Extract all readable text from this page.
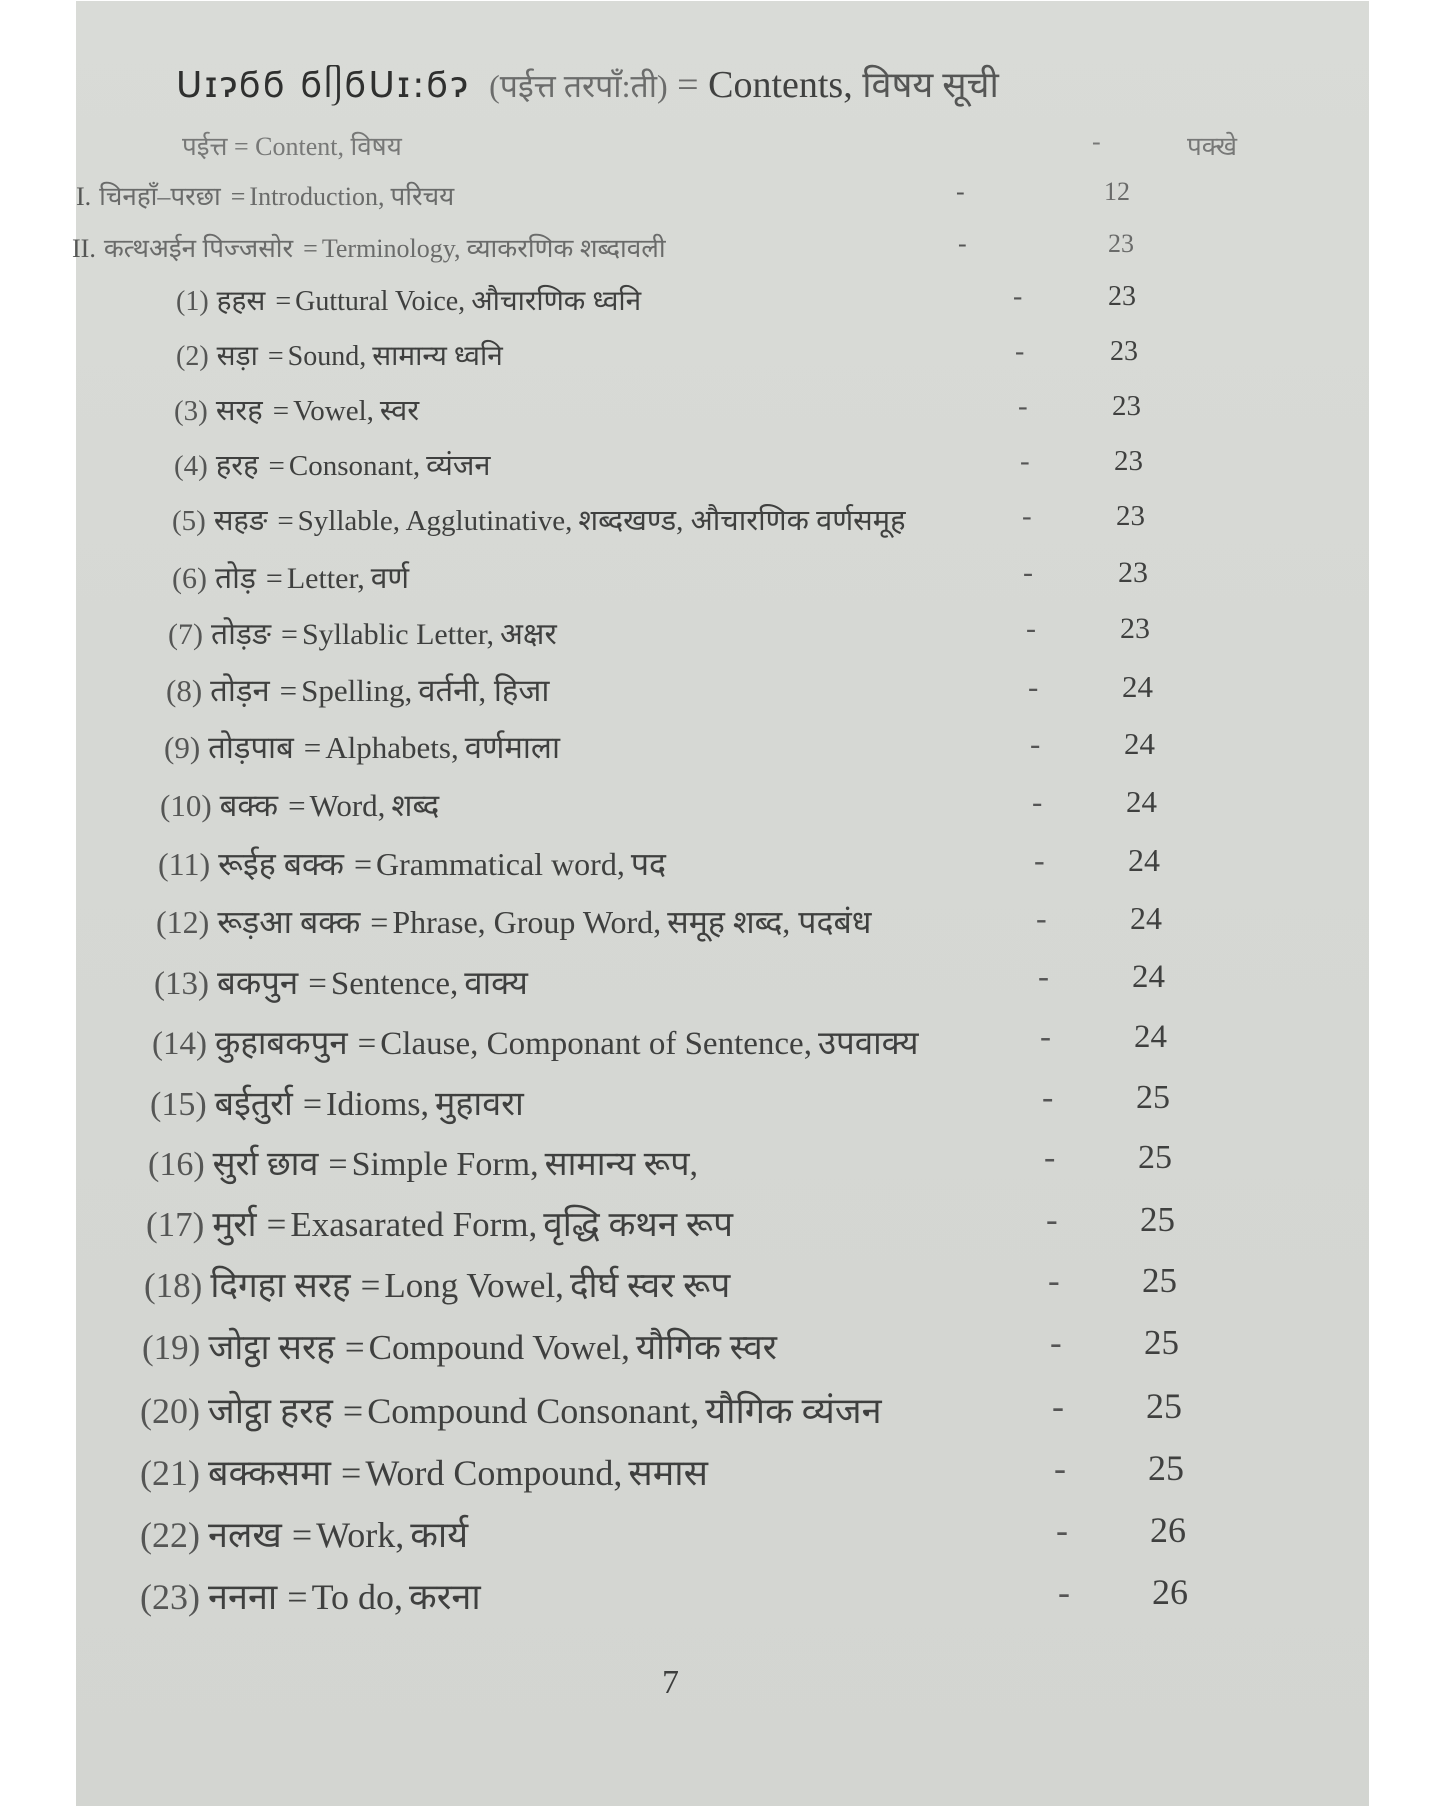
Սɪɂϭϭ ϭᥦϭՍɪ:ϭɂ (पईत्त तरपाँ:ती) = Contents, विषय सूची
पईत्त = Content, विषय	-	पक्खे
I. चिनहाँ–परछा = Introduction, परिचय	-	12
II. कत्थअईन पिज्जसोर = Terminology, व्याकरणिक शब्दावली	-	23
(1) हहस = Guttural Voice, औचारणिक ध्वनि	-	23
(2) सड़ा = Sound, सामान्य ध्वनि	-	23
(3) सरह = Vowel, स्वर	-	23
(4) हरह = Consonant, व्यंजन	-	23
(5) सहङ = Syllable, Agglutinative, शब्दखण्ड, औचारणिक वर्णसमूह	-	23
(6) तोड़ = Letter, वर्ण	-	23
(7) तोड़ङ = Syllablic Letter, अक्षर	-	23
(8) तोड़न = Spelling, वर्तनी, हिजा	-	24
(9) तोड़पाब = Alphabets, वर्णमाला	-	24
(10) बक्क = Word, शब्द	-	24
(11) रूईह बक्क = Grammatical word, पद	-	24
(12) रूड़आ बक्क = Phrase, Group Word, समूह शब्द, पदबंध	-	24
(13) बकपुन = Sentence, वाक्य	-	24
(14) कुहाबकपुन = Clause, Componant of Sentence, उपवाक्य	-	24
(15) बईतुर्रा = Idioms, मुहावरा	- 25
(16) सुर्रा छाव = Simple Form, सामान्य रूप,	- 25
(17) मुर्रा = Exasarated Form, वृद्धि कथन रूप	- 25
(18) दिगहा सरह = Long Vowel, दीर्घ स्वर रूप	- 25
(19) जोट्ठा सरह = Compound Vowel, यौगिक स्वर	- 25
(20) जोट्ठा हरह = Compound Consonant, यौगिक व्यंजन	- 25
(21) बक्कसमा = Word Compound, समास	- 25
(22) नलख = Work, कार्य	- 26
(23) ननना = To do, करना	- 26
7
